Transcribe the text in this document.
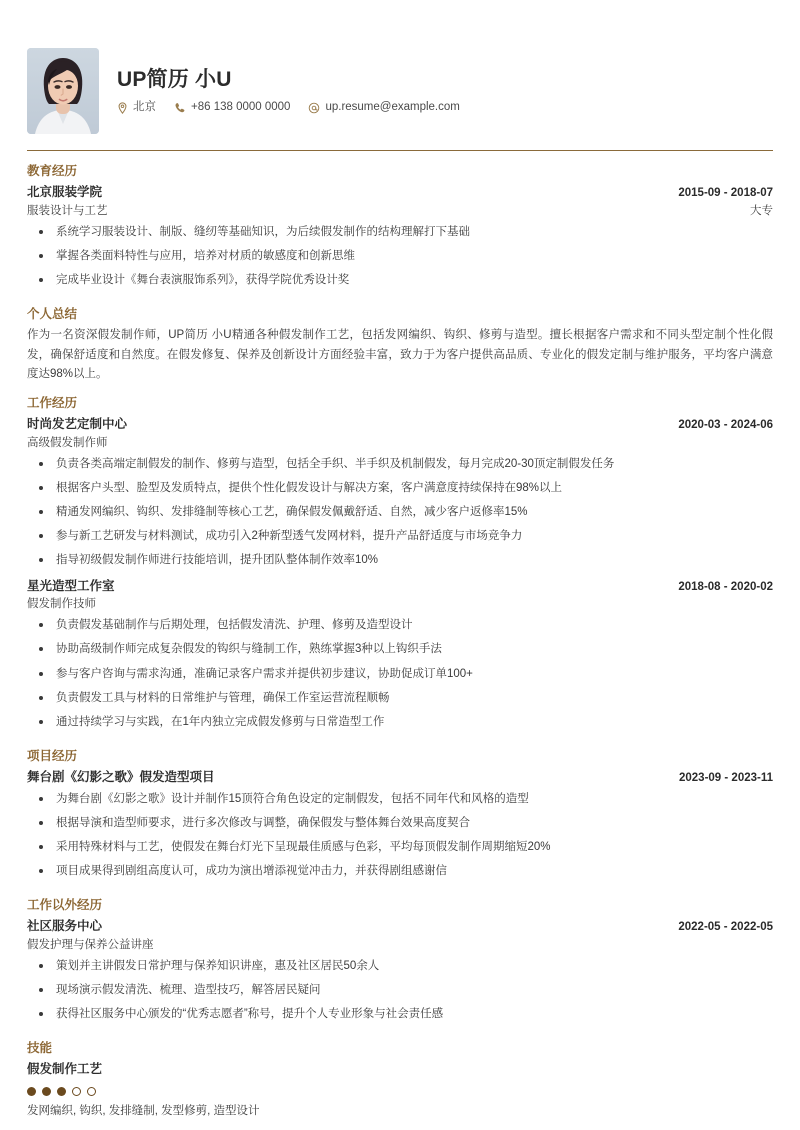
UP简历 小U
北京	+86 138 0000 0000	up.resume@example.com
教育经历
北京服装学院	2015-09 - 2018-07
服装设计与工艺	大专
系统学习服装设计、制版、缝纫等基础知识，为后续假发制作的结构理解打下基础
掌握各类面料特性与应用，培养对材质的敏感度和创新思维
完成毕业设计《舞台表演服饰系列》，获得学院优秀设计奖
个人总结

作为一名资深假发制作师，UP简历 小U精通各种假发制作工艺，包括发网编织、钩织、修剪与造型。擅长根据客户需求和不同头型定制个性化假发，确保舒适度和自然度。在假发修复、保养及创新设计方面经验丰富，致力于为客户提供高品质、专业化的假发定制与维护服务，平均客户满意度达98%以上。

工作经历
时尚发艺定制中心	2020-03 - 2024-06
高级假发制作师
负责各类高端定制假发的制作、修剪与造型，包括全手织、半手织及机制假发，每月完成20-30顶定制假发任务
根据客户头型、脸型及发质特点，提供个性化假发设计与解决方案，客户满意度持续保持在98%以上
精通发网编织、钩织、发排缝制等核心工艺，确保假发佩戴舒适、自然，减少客户返修率15%
参与新工艺研发与材料测试，成功引入2种新型透气发网材料，提升产品舒适度与市场竞争力
指导初级假发制作师进行技能培训，提升团队整体制作效率10%
星光造型工作室	2018-08 - 2020-02
假发制作技师
负责假发基础制作与后期处理，包括假发清洗、护理、修剪及造型设计
协助高级制作师完成复杂假发的钩织与缝制工作，熟练掌握3种以上钩织手法
参与客户咨询与需求沟通，准确记录客户需求并提供初步建议，协助促成订单100+
负责假发工具与材料的日常维护与管理，确保工作室运营流程顺畅
通过持续学习与实践，在1年内独立完成假发修剪与日常造型工作
项目经历
舞台剧《幻影之歌》假发造型项目	2023-09 - 2023-11
为舞台剧《幻影之歌》设计并制作15顶符合角色设定的定制假发，包括不同年代和风格的造型
根据导演和造型师要求，进行多次修改与调整，确保假发与整体舞台效果高度契合
采用特殊材料与工艺，使假发在舞台灯光下呈现最佳质感与色彩，平均每顶假发制作周期缩短20%
项目成果得到剧组高度认可，成功为演出增添视觉冲击力，并获得剧组感谢信
工作以外经历
社区服务中心	2022-05 - 2022-05
假发护理与保养公益讲座
策划并主讲假发日常护理与保养知识讲座，惠及社区居民50余人
现场演示假发清洗、梳理、造型技巧，解答居民疑问
获得社区服务中心颁发的“优秀志愿者”称号，提升个人专业形象与社会责任感
技能
假发制作工艺
发网编织, 钩织, 发排缝制, 发型修剪, 造型设计
